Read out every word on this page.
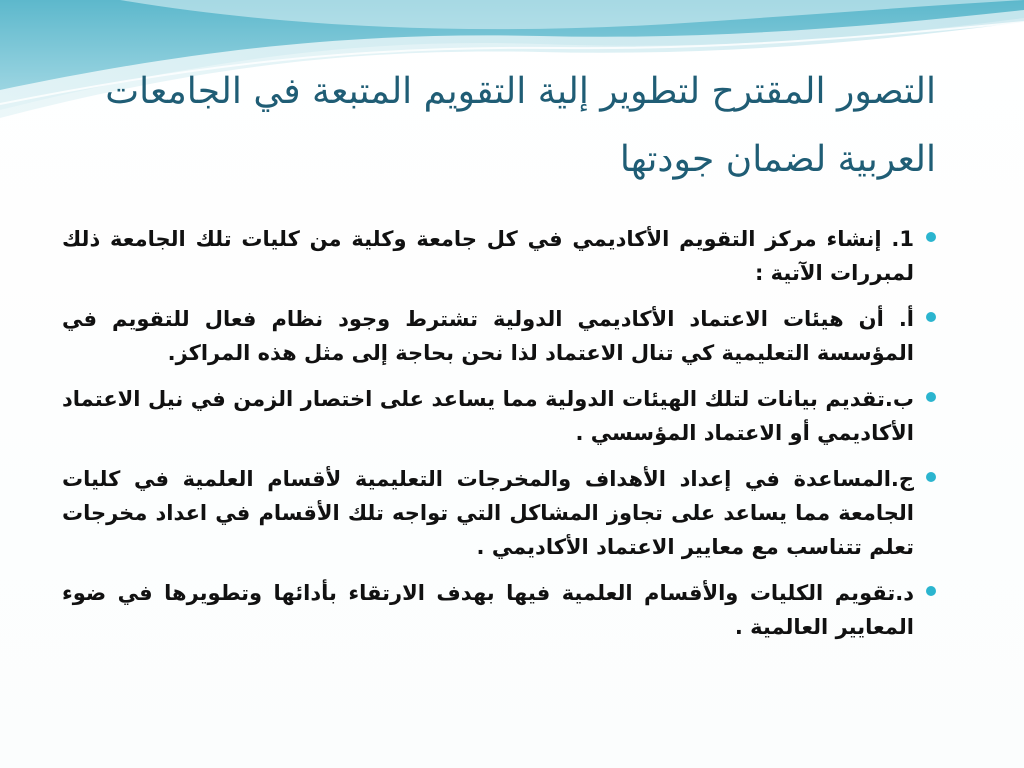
التصور المقترح لتطوير إلية التقويم المتبعة في الجامعات
العربية لضمان جودتها

1. إنشاء مركز التقويم الأكاديمي في كل جامعة وكلية من كليات تلك الجامعة ذلك لمبررات الآتية :

أ. أن هيئات الاعتماد الأكاديمي الدولية تشترط وجود نظام فعال للتقويم في المؤسسة التعليمية كي تنال الاعتماد لذا نحن بحاجة إلى مثل هذه المراكز.

ب.تقديم بيانات لتلك الهيئات الدولية مما يساعد على اختصار الزمن في نيل الاعتماد الأكاديمي أو الاعتماد المؤسسي .

ج.المساعدة في إعداد الأهداف والمخرجات التعليمية لأقسام العلمية في كليات الجامعة مما يساعد على تجاوز المشاكل التي تواجه تلك الأقسام في اعداد مخرجات تعلم تتناسب مع معايير الاعتماد الأكاديمي .

د.تقويم الكليات والأقسام العلمية فيها بهدف الارتقاء بأدائها وتطويرها في ضوء المعايير العالمية .
